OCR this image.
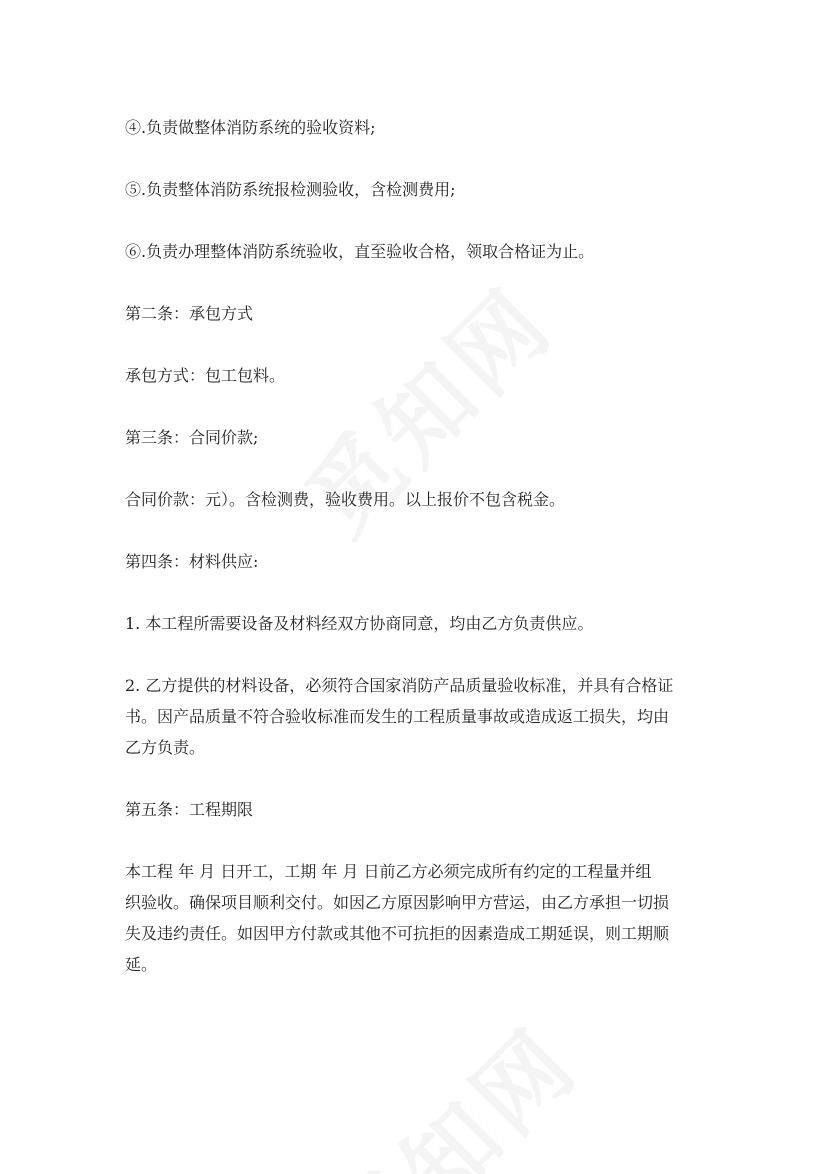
④.负责做整体消防系统的验收资料;

⑤.负责整体消防系统报检测验收，含检测费用;

⑥.负责办理整体消防系统验收，直至验收合格，领取合格证为止。

第二条：承包方式

承包方式：包工包料。

第三条：合同价款;

合同价款：元）。含检测费，验收费用。以上报价不包含税金。

第四条：材料供应:

1. 本工程所需要设备及材料经双方协商同意，均由乙方负责供应。

2. 乙方提供的材料设备，必须符合国家消防产品质量验收标准，并具有合格证
书。因产品质量不符合验收标准而发生的工程质量事故或造成返工损失，均由
乙方负责。

第五条：工程期限

本工程 年 月 日开工，工期 年 月 日前乙方必须完成所有约定的工程量并组
织验收。确保项目顺利交付。如因乙方原因影响甲方营运，由乙方承担一切损
失及违约责任。如因甲方付款或其他不可抗拒的因素造成工期延误，则工期顺
延。
